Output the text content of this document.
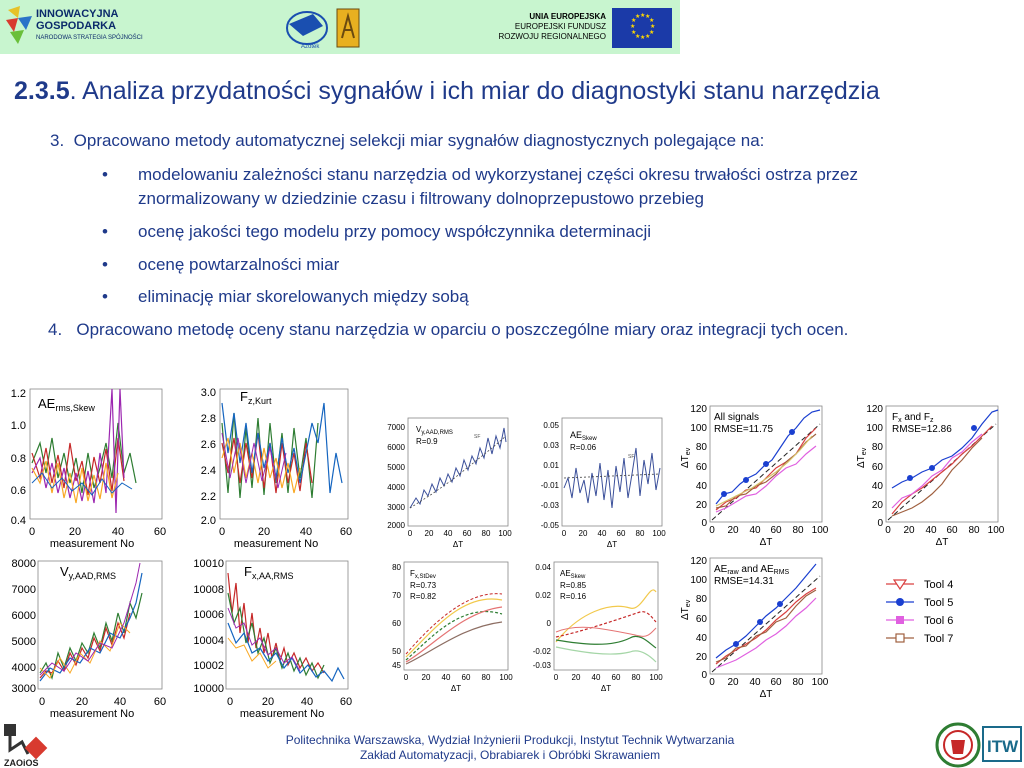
INNOWACYJNA
GOSPODARKA
NARODOWA STRATEGIA SPÓJNOŚCI
Azotek
UNIA EUROPEJSKA
EUROPEJSKI FUNDUSZ
ROZWOJU REGIONALNEGO
★ ★
★
★
★
★
★
★
★
★
★
★
2.3.5. Analiza przydatności sygnałów i ich miar do diagnostyki stanu narzędzia
3. Opracowano metody automatycznej selekcji miar sygnałów diagnostycznych polegające na:
• modelowaniu zależności stanu narzędzia od wykorzystanej części okresu trwałości ostrza przez
znormalizowany w dziedzinie czasu i filtrowany dolnoprzepustowo przebieg
• ocenę jakości tego modelu przy pomocy współczynnika determinacji
• ocenę powtarzalności miar
• eliminację miar skorelowanych między sobą
4. Opracowano metodę oceny stanu narzędzia w oparciu o poszczególne miary oraz integracji tych ocen.
1.2
1.0
0.8
0.6
0.4
0	20	40	60
measurement No
$AE_{rms,Skew}$
3.0
2.8
2.6
2.4
2.2
2.0
0	20	40	60
measurement No
$F_{z,Kurt}$
8000
7000
6000
5000
4000
3000
0	20 40	60
measurement No
$V_{y,AAD,RMS}$
10010
10008
10006
10004
10002
10000
0	20 40 60
measurement No
$F_{x,AA,RMS}$
7000
6000
5000
4000
3000
2000
0 20 40 60 80 100
ΔT
$V_{y,AAD,RMS}$
R=0.9	SF
0.05
0.03
0.01
-0.01
-0.03
-0.05
0 20 40 60 80 100
ΔT
$AE_{Skew}$
R=0.06
SF
80
70
60
50
45
0 20 40 60 80 100
ΔT
$F_{x,StDev}$
R=0.73
R=0.82
0.04
0.02
0
-0.02
-0.03
0 20 40 60 80 100
ΔT
$AE_{Skew}$
R=0.85
R=0.16
$\Delta T_{ev}$
120
100
80
60
40
20
0
0 20 40 60 80 100
ΔT
All signals
RMSE=11.75
$\Delta T_{ev}$
120
100
80
60
40
20
0
0 20 40 60 80 100
ΔT
$F_x$ and $F_z$
RMSE=12.86
$\Delta T_{ev}$
120
100
80
60
40
20
0
0 20 40 60 80 100
ΔT
$AE_{raw}$ and $AE_{RMS}$
RMSE=14.31	Tool 4
Tool 5
Tool 6
Tool 7
ZAOiOS
Politechnika Warszawska, Wydział Inżynierii Produkcji, Instytut Technik Wytwarzania
Zakład Automatyzacji, Obrabiarek i Obróbki Skrawaniem	ITW
